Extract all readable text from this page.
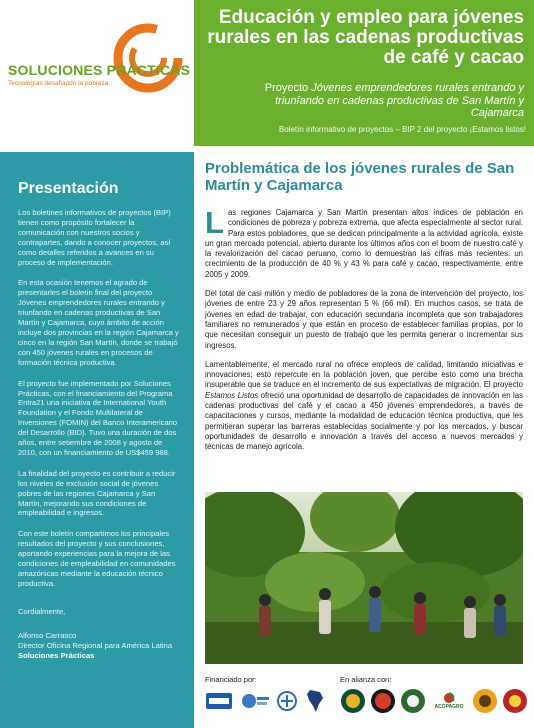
SOLUCIONES PRÁCTICAS
Tecnologías desafiando la pobreza
Educación y empleo para jóvenes rurales en las cadenas productivas de café y cacao
Proyecto Jóvenes emprendedores rurales entrando y triunfando en cadenas productivas de San Martín y Cajamarca
Boletín informativo de proyectos – BIP 2 del proyecto ¡Estamos listos!
Presentación

Los boletines informativos de proyectos (BIP) tienen como propósito fortalecer la comunicación con nuestros socios y contrapartes, dando a conocer proyectos, así como detalles referidos a avances en su proceso de implementación.

En esta ocasión tenemos el agrado de presentarles el boletín final del proyecto Jóvenes emprendedores rurales entrando y triunfando en cadenas productivas de San Martín y Cajamarca, cuyo ámbito de acción incluye dos provincias en la región Cajamarca y cinco en la región San Martín, donde se trabajó con 450 jóvenes rurales en procesos de formación técnica productiva.

El proyecto fue implementado por Soluciones Prácticas, con el financiamiento del Programa Entra21 una iniciativa de International Youth Foundation y el Fondo Multilateral de Inversiones (FOMIN) del Banco Interamericano del Desarrollo (BID). Tuvo una duración de dos años, entre setiembre de 2008 y agosto de 2010, con un financiamiento de US$459 988.

La finalidad del proyecto es contribuir a reducir los niveles de exclusión social de jóvenes pobres de las regiones Cajamarca y San Martín, mejorando sus condiciones de empleabilidad e ingresos.

Con este boletín compartimos los principales resultados del proyecto y sus conclusiones, aportando experiencias para la mejora de las condiciones de empleabilidad en comunidades amazónicas mediante la educación técnico productiva.

Cordialmente,

Alfonso Carrasco
Director Oficina Regional para América Latina
Soluciones Prácticas
Problemática de los jóvenes rurales de San Martín y Cajamarca

Las regiones Cajamarca y San Martín presentan altos índices de población en condiciones de pobreza y pobreza extrema, que afecta especialmente al sector rural. Para estos pobladores, que se dedican principalmente a la actividad agrícola, existe un gran mercado potencial, abierto durante los últimos años con el boom de nuestro café y la revalorización del cacao peruano, como lo demuestran las cifras más recientes: un crecimiento de la producción de 40 % y 43 % para café y cacao, respectivamente, entre 2005 y 2009.

Del total de casi millón y medio de pobladores de la zona de intervención del proyecto, los jóvenes de entre 23 y 29 años representan 5 % (66 mil). En muchos casos, se trata de jóvenes en edad de trabajar, con educación secundaria incompleta que son trabajadores familiares no remunerados y que están en proceso de establecer familias propias, por lo que necesitan conseguir un puesto de trabajo que les permita generar o incrementar sus ingresos.

Lamentablemente, el mercado rural no ofrece empleos de calidad, limitando iniciativas e innovaciones; esto repercute en la población joven, que percibe esto como una brecha insuperable que se traduce en el incremento de sus expectativas de migración. El proyecto Estamos Listos ofreció una oportunidad de desarrollo de capacidades de innovación en las cadenas productivas del café y el cacao a 450 jóvenes emprendedores, a través de capacitaciones y cursos, mediante la modalidad de educación técnica productiva, que les permitieran superar las barreras establecidas socialmente y por los mercados, y buscar oportunidades de desarrollo e innovación a través del acceso a nuevos mercados y técnicas de manejo agrícola.

Financiado por:	En alianza con:
ACOPAGRO
